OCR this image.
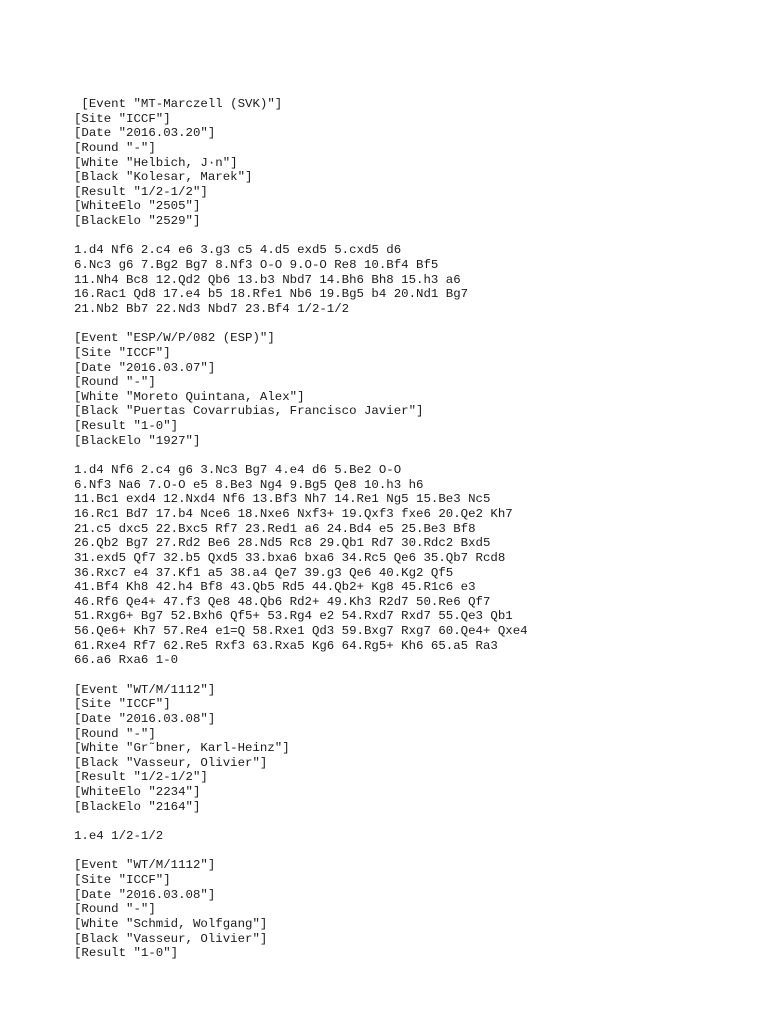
[Event "MT-Marczell (SVK)"]
[Site "ICCF"]
[Date "2016.03.20"]
[Round "-"]
[White "Helbich, J·n"]
[Black "Kolesar, Marek"]
[Result "1/2-1/2"]
[WhiteElo "2505"]
[BlackElo "2529"]
1.d4 Nf6 2.c4 e6 3.g3 c5 4.d5 exd5 5.cxd5 d6
6.Nc3 g6 7.Bg2 Bg7 8.Nf3 O-O 9.O-O Re8 10.Bf4 Bf5
11.Nh4 Bc8 12.Qd2 Qb6 13.b3 Nbd7 14.Bh6 Bh8 15.h3 a6
16.Rac1 Qd8 17.e4 b5 18.Rfe1 Nb6 19.Bg5 b4 20.Nd1 Bg7
21.Nb2 Bb7 22.Nd3 Nbd7 23.Bf4 1/2-1/2
[Event "ESP/W/P/082 (ESP)"]
[Site "ICCF"]
[Date "2016.03.07"]
[Round "-"]
[White "Moreto Quintana, Alex"]
[Black "Puertas Covarrubias, Francisco Javier"]
[Result "1-0"]
[BlackElo "1927"]
1.d4 Nf6 2.c4 g6 3.Nc3 Bg7 4.e4 d6 5.Be2 O-O
6.Nf3 Na6 7.O-O e5 8.Be3 Ng4 9.Bg5 Qe8 10.h3 h6
11.Bc1 exd4 12.Nxd4 Nf6 13.Bf3 Nh7 14.Re1 Ng5 15.Be3 Nc5
16.Rc1 Bd7 17.b4 Nce6 18.Nxe6 Nxf3+ 19.Qxf3 fxe6 20.Qe2 Kh7
21.c5 dxc5 22.Bxc5 Rf7 23.Red1 a6 24.Bd4 e5 25.Be3 Bf8
26.Qb2 Bg7 27.Rd2 Be6 28.Nd5 Rc8 29.Qb1 Rd7 30.Rdc2 Bxd5
31.exd5 Qf7 32.b5 Qxd5 33.bxa6 bxa6 34.Rc5 Qe6 35.Qb7 Rcd8
36.Rxc7 e4 37.Kf1 a5 38.a4 Qe7 39.g3 Qe6 40.Kg2 Qf5
41.Bf4 Kh8 42.h4 Bf8 43.Qb5 Rd5 44.Qb2+ Kg8 45.R1c6 e3
46.Rf6 Qe4+ 47.f3 Qe8 48.Qb6 Rd2+ 49.Kh3 R2d7 50.Re6 Qf7
51.Rxg6+ Bg7 52.Bxh6 Qf5+ 53.Rg4 e2 54.Rxd7 Rxd7 55.Qe3 Qb1
56.Qe6+ Kh7 57.Re4 e1=Q 58.Rxe1 Qd3 59.Bxg7 Rxg7 60.Qe4+ Qxe4
61.Rxe4 Rf7 62.Re5 Rxf3 63.Rxa5 Kg6 64.Rg5+ Kh6 65.a5 Ra3
66.a6 Rxa6 1-0
[Event "WT/M/1112"]
[Site "ICCF"]
[Date "2016.03.08"]
[Round "-"]
[White "Gr˜bner, Karl-Heinz"]
[Black "Vasseur, Olivier"]
[Result "1/2-1/2"]
[WhiteElo "2234"]
[BlackElo "2164"]
1.e4 1/2-1/2
[Event "WT/M/1112"]
[Site "ICCF"]
[Date "2016.03.08"]
[Round "-"]
[White "Schmid, Wolfgang"]
[Black "Vasseur, Olivier"]
[Result "1-0"]
